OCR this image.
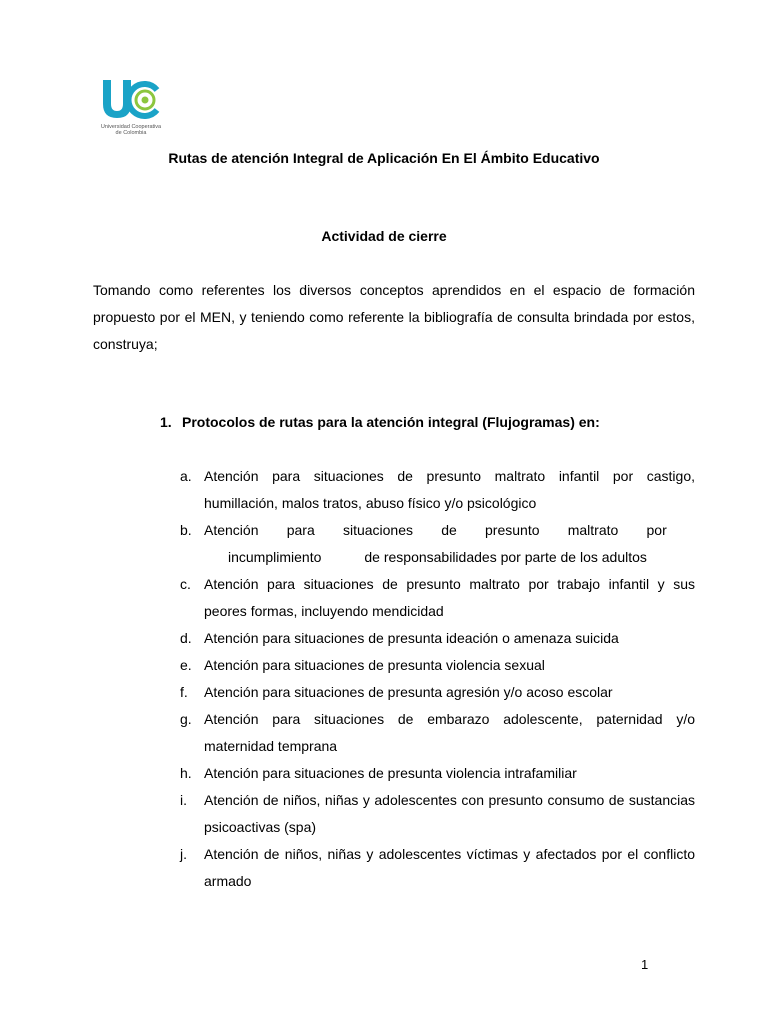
Universidad Cooperativa
de Colombia
Rutas de atención Integral de Aplicación En El Ámbito Educativo
Actividad de cierre

Tomando como referentes los diversos conceptos aprendidos en el espacio de formación propuesto por el MEN, y teniendo como referente la bibliografía de consulta brindada por estos, construya;

1. Protocolos de rutas para la atención integral (Flujogramas) en:
a. Atención para situaciones de presunto maltrato infantil por castigo, humillación, malos tratos, abuso físico y/o psicológico
b. Atención para situaciones de presunto maltrato por
incumplimiento	de responsabilidades por parte de los adultos
c. Atención para situaciones de presunto maltrato por trabajo infantil y sus peores formas, incluyendo mendicidad
d. Atención para situaciones de presunta ideación o amenaza suicida
e. Atención para situaciones de presunta violencia sexual
f. Atención para situaciones de presunta agresión y/o acoso escolar
g. Atención para situaciones de embarazo adolescente, paternidad y/o maternidad temprana
h. Atención para situaciones de presunta violencia intrafamiliar
i. Atención de niños, niñas y adolescentes con presunto consumo de sustancias psicoactivas (spa)
j. Atención de niños, niñas y adolescentes víctimas y afectados por el conflicto armado
1
